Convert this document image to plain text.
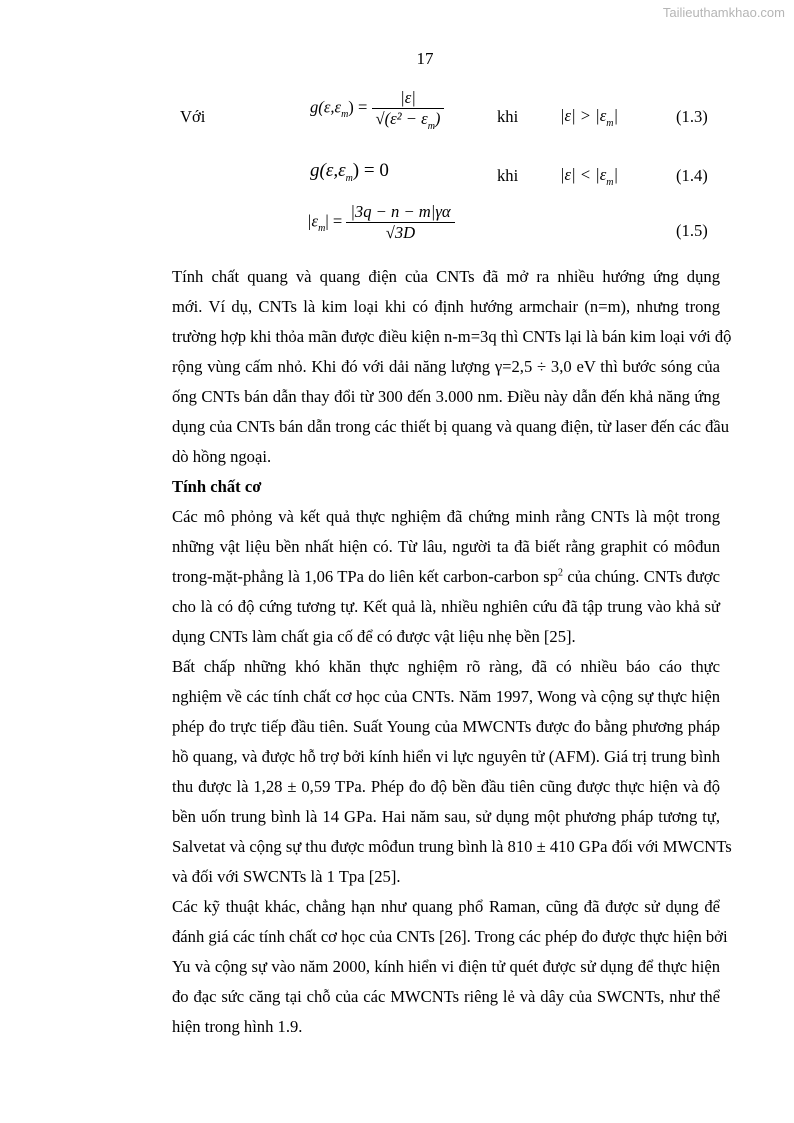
Tailieuthamkhao.com
17
Với
$g(\varepsilon,\varepsilon_m) = \frac{|\varepsilon|}{√(\varepsilon^2 - \varepsilon_m)}$	khi	$|\varepsilon| > |\varepsilon_m|$	(1.3)
$g(\varepsilon,\varepsilon_m) = 0$	khi	$|\varepsilon| < |\varepsilon_m|$	(1.4)
$|\varepsilon_m| = \frac{|3q - n - m|\gamma\alpha}{√3D}$	(1.5)
Tính chất quang và quang điện của CNTs đã mở ra nhiều hướng ứng dụng
mới. Ví dụ, CNTs là kim loại khi có định hướng armchair (n=m), nhưng trong
trường hợp khi thỏa mãn được điều kiện n-m=3q thì CNTs lại là bán kim loại với độ
rộng vùng cấm nhỏ. Khi đó với dải năng lượng γ=2,5 ÷ 3,0 eV thì bước sóng của
ống CNTs bán dẫn thay đổi từ 300 đến 3.000 nm. Điều này dẫn đến khả năng ứng
dụng của CNTs bán dẫn trong các thiết bị quang và quang điện, từ laser đến các đầu
dò hồng ngoại.
Các mô phỏng và kết quả thực nghiệm đã chứng minh rằng CNTs là một trong
những vật liệu bền nhất hiện có. Từ lâu, người ta đã biết rằng graphit có môđun
trong-mặt-phẳng là 1,06 TPa do liên kết carbon-carbon $sp^2$ của chúng. CNTs được
cho là có độ cứng tương tự. Kết quả là, nhiều nghiên cứu đã tập trung vào khả sử
dụng CNTs làm chất gia cố để có được vật liệu nhẹ bền [25].
Bất chấp những khó khăn thực nghiệm rõ ràng, đã có nhiều báo cáo thực
nghiệm về các tính chất cơ học của CNTs. Năm 1997, Wong và cộng sự thực hiện
phép đo trực tiếp đầu tiên. Suất Young của MWCNTs được đo bằng phương pháp
hồ quang, và được hỗ trợ bởi kính hiển vi lực nguyên tử (AFM). Giá trị trung bình
thu được là 1,28 ± 0,59 TPa. Phép đo độ bền đầu tiên cũng được thực hiện và độ
bền uốn trung bình là 14 GPa. Hai năm sau, sử dụng một phương pháp tương tự,
Salvetat và cộng sự thu được môđun trung bình là 810 ± 410 GPa đối với MWCNTs
và đối với SWCNTs là 1 Tpa [25].
Các kỹ thuật khác, chẳng hạn như quang phổ Raman, cũng đã được sử dụng để
đánh giá các tính chất cơ học của CNTs [26]. Trong các phép đo được thực hiện bởi
Yu và cộng sự vào năm 2000, kính hiển vi điện tử quét được sử dụng để thực hiện
đo đạc sức căng tại chỗ của các MWCNTs riêng lẻ và dây của SWCNTs, như thể
hiện trong hình 1.9.
Tính chất cơ
